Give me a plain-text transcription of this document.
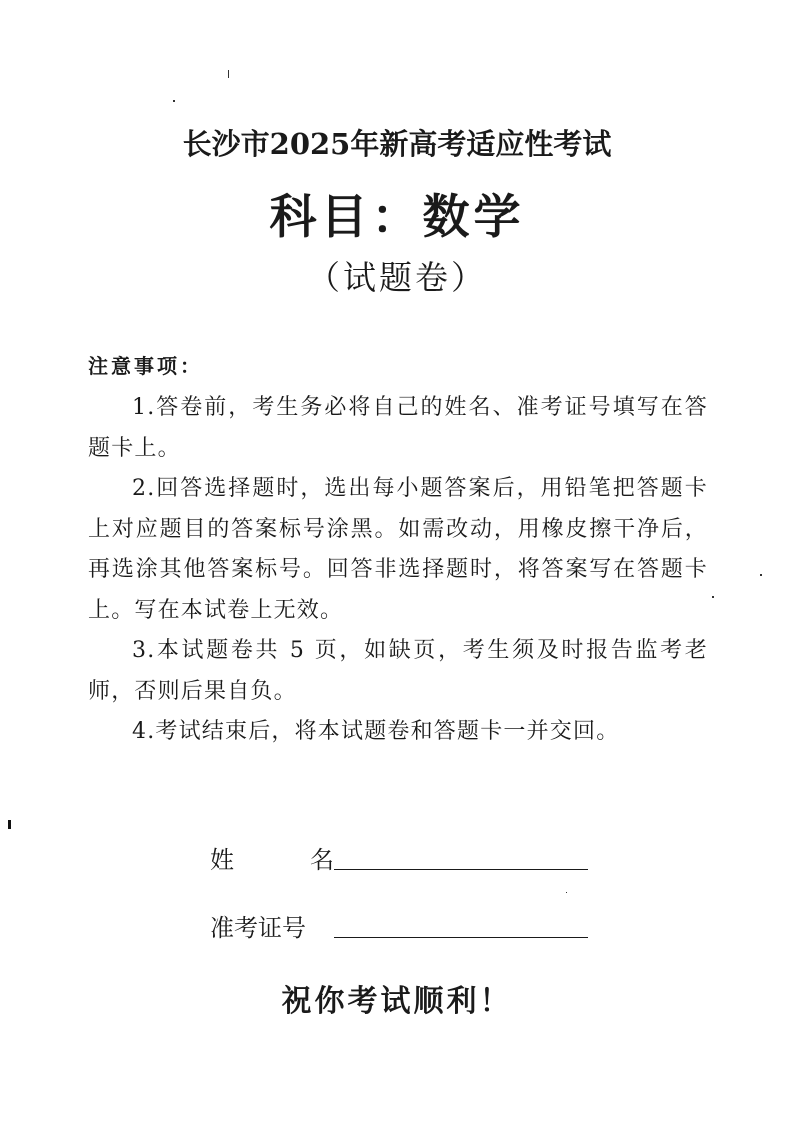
长沙市2025年新高考适应性考试
科目：数学
（试题卷）
注意事项：
1.答卷前，考生务必将自己的姓名、准考证号填写在答题卡上。
2.回答选择题时，选出每小题答案后，用铅笔把答题卡上对应题目的答案标号涂黑。如需改动，用橡皮擦干净后，再选涂其他答案标号。回答非选择题时，将答案写在答题卡上。写在本试卷上无效。
3.本试题卷共 5 页，如缺页，考生须及时报告监考老师，否则后果自负。
4.考试结束后，将本试题卷和答题卡一并交回。
姓	名
准考证号
祝你考试顺利！
